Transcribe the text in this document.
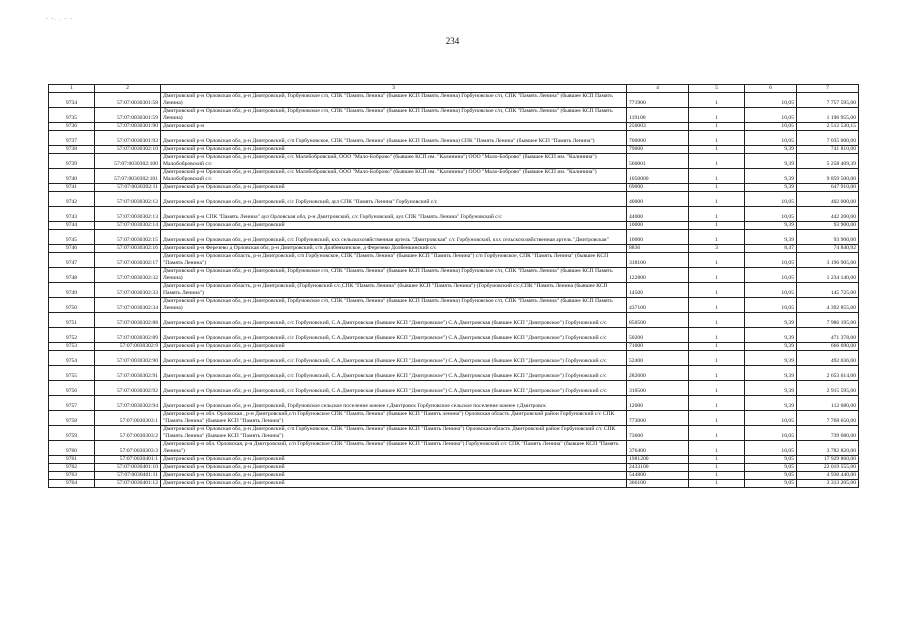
- -. . - -
234
1	2	3	4	5	6	7
9734	57:07:0030301:58	Дмитровский р-н Орловская обл, р-н Дмитровский, Горбуновское с/п, СПК "Память Ленина" (бывшее КСП Память Ленина) Горбуновское с/п, СПК "Память Ленина" (бывшее КСП Память Ленина)	771900	1	10,05	7 757 595,00
9735	57:07:0030301:59	Дмитровский р-н Орловская обл, р-н Дмитровский, Горбуновское с/п, СПК "Память Ленина" (бывшее КСП Память Ленина) Горбуновское с/п, СПК "Память Ленина" (бывшее КСП Память Ленина)	119100	1	10,05	1 196 955,00
9736	57:07:0030301:90	Дмитровский р-н	250003	1	10,05	2 512 530,15
9737	57:07:0030301:93	Дмитровский р-н Орловская обл, р-н Дмитровский, с/п Горбуновское, СПК "Память Ленина" (бывшее КСП Память Ленина) СПК "Память Ленина" (бывшее КСП "Память Ленина")	700000	1	10,05	7 035 000,00
9738	57:07:0030302:10	Дмитровский р-н Орловская обл, р-н Дмитровский	79000	1	9,39	741 810,00
9739	57:07:0030302:100	Дмитровский р-н Орловская обл, р-н Дмитровский, с/с Малобобровский, ООО "Мало-Боброво" (бывшее КСП им. "Калинина") ООО "Мало-Боброво" (бывшее КСП им. "Калинина") Малобобровский с/с	560001	1	9,39	5 258 409,39
9740	57:07:0030302:101	Дмитровский р-н Орловская обл, р-н Дмитровский, с/с Малобобровский, ООО "Мало-Боброво" (бывшее КСП им. "Калинина") ООО "Мало-Боброво" (бывшее КСП им. "Калинина") Малобобровский с/с	1050000	1	9,39	9 859 500,00
9741	57:07:0030302:11	Дмитровский р-н Орловская обл, р-н Дмитровский	69000	1	9,39	647 910,00
9742	57:07:0030302:12	Дмитровский р-н Орловская обл, р-н Дмитровский, с/с Горбуновский, аул СПК "Память Ленина" Горбуновский с/с	40000	1	10,05	402 000,00
9743	57:07:0030302:13	Дмитровский р-н СПК "Память Ленина" аул Орловская обл, р-н Дмитровский, с/с Горбуновский, аул СПК "Память Ленина" Горбуновский с/с	44000	1	10,05	442 200,00
9744	57:07:0030302:14	Дмитровский р-н Орловская обл, р-н Дмитровский	10000	1	9,39	93 900,00
9745	57:07:0030302:15	Дмитровский р-н Орловская обл, р-н Дмитровский, с/с Горбуновский, кхх сельскохозяйственная артель "Дмитровская" с/с Горбуновский, кхх сельскохозяйственная артель "Дмитровская"	10000	1	9,39	93 900,00
9746	57:07:0030302:16	Дмитровский р-н Ферезево д Орловская обл, р-н Дмитровский, с/п Долбенкинское, д Ферезево Долбенкинский с/с	8836	3	8,47	74 840,92
9747	57:07:0030302:17	Дмитровский р-н Орловская область, р-н Дмитровский, с/п Горбуновское, СПК "Память Ленина" (бывшее КСП "Память Ленина") с/п Горбуновское, СПК "Память Ленина" (бывшее КСП "Память Ленина")	318100	1	10,05	3 196 905,00
9748	57:07:0030302:32	Дмитровский р-н Орловская обл, р-н Дмитровский, Горбуновское с/п, СПК "Память Ленина" (бывшее КСП Память Ленина) Горбуновское с/п, СПК "Память Ленина" (бывшее КСП Память Ленина)	122800	1	10,05	1 234 140,00
9749	57:07:0030302:33	Дмитровский р-н Орловская область, р-н Дмитровский, (Горбуновский с/с,СПК "Память Ленина" (бывшее КСП "Память Ленина") (Горбуновский с/с,СПК "Память Ленина (бывшее КСП Память Ленина")	14500	1	10,05	145 725,00
9750	57:07:0030302:34	Дмитровский р-н Орловская обл, р-н Дмитровский, Горбуновское с/п, СПК "Память Ленина" (бывшее КСП Память Ленина) Горбуновское с/п, СПК "Память Ленина" (бывшее КСП Память Ленина)	437100	1	10,05	4 392 855,00
9751	57:07:0030302:88	Дмитровский р-н Орловская обл, р-н Дмитровский, с/с Горбуновский, С.А.Дмитровская (бывшее КСП "Дмитровское") С.А.Дмитровская (бывшее КСП "Дмитровское") Горбуновский с/с	850500	1	9,39	7 986 195,00
9752	57:07:0030302:89	Дмитровский р-н Орловская обл, р-н Дмитровский, с/с Горбуновский, С.А.Дмитровская (бывшее КСП "Дмитровское") С.А.Дмитровская (бывшее КСП "Дмитровское") Горбуновский с/с	50200	1	9,39	471 378,00
9753	57:07:0030302:9	Дмитровский р-н Орловская обл, р-н Дмитровский	71000	1	9,39	666 690,00
9754	57:07:0030302:90	Дмитровский р-н Орловская обл, р-н Дмитровский, с/с Горбуновский, С.А.Дмитровская (бывшее КСП "Дмитровское") С.А.Дмитровская (бывшее КСП "Дмитровское") Горбуновский с/с	52400	1	9,39	492 036,00
9755	57:07:0030302:91	Дмитровский р-н Орловская обл, р-н Дмитровский, с/с Горбуновский, С.А.Дмитровская (бывшее КСП "Дмитровское") С.А.Дмитровская (бывшее КСП "Дмитровское") Горбуновский с/с	282600	1	9,39	2 653 614,00
9756	57:07:0030302:92	Дмитровский р-н Орловская обл, р-н Дмитровский, с/с Горбуновский, С.А.Дмитровская (бывшее КСП "Дмитровское") С.А.Дмитровская (бывшее КСП "Дмитровское") Горбуновский с/с	310500	1	9,39	2 915 595,00
9757	57:07:0030302:94	Дмитровский р-н Орловская обл, р-н Дмитровский, Горбуновское сельское поселение южнее г.Дмитровск Горбуновское сельское поселение южнее г.Дмитровск	12000	1	9,39	112 680,00
9758	57:07:0030303:1	Дмитровский р-н обл. Орловская , р-н Дмитровский,с/п Горбуновское СПК "Память Ленина" (бывшее КСП "Память ленина") Орловская область Дмитровский район Горбуновский с/с СПК "Память Ленина" (бывшее КСП "Память Ленина")	773000	1	10,05	7 768 650,00
9759	57:07:0030303:2	Дмитровский р-н Орловская обл, р-н Дмитровский, с/п Горбуновское, СПК "Память Ленина" (бывшее КСП "Память Ленина") Орловская область Дмитровский район Горбуновский с/с СПК "Память Ленина" (бывшее КСП "Память Ленина")	73600	1	10,05	739 680,00
9760	57:07:0030303:3	Дмитровский р-н обл. Орловская, р-н Дмитровский, с/п Горбуновское СПК "Память Ленина" (бывшее КСП "Память Ленина") Горбуновский с/с СПК "Память Ленина" (бывшее КСП "Память Ленина")	376400	1	10,05	3 782 820,00
9761	57:07:0030401:1	Дмитровский р-н Орловская обл, р-н Дмитровский	1981200	1	9,05	17 929 860,00
9762	57:07:0030401:10	Дмитровский р-н Орловская обл, р-н Дмитровский	2433100	1	9,05	22 019 555,00
9763	57:07:0030401:11	Дмитровский р-н Орловская обл, р-н Дмитровский	544800	1	9,05	4 930 440,00
9764	57:07:0030401:12	Дмитровский р-н Орловская обл, р-н Дмитровский	366100	1	9,05	3 313 205,00
